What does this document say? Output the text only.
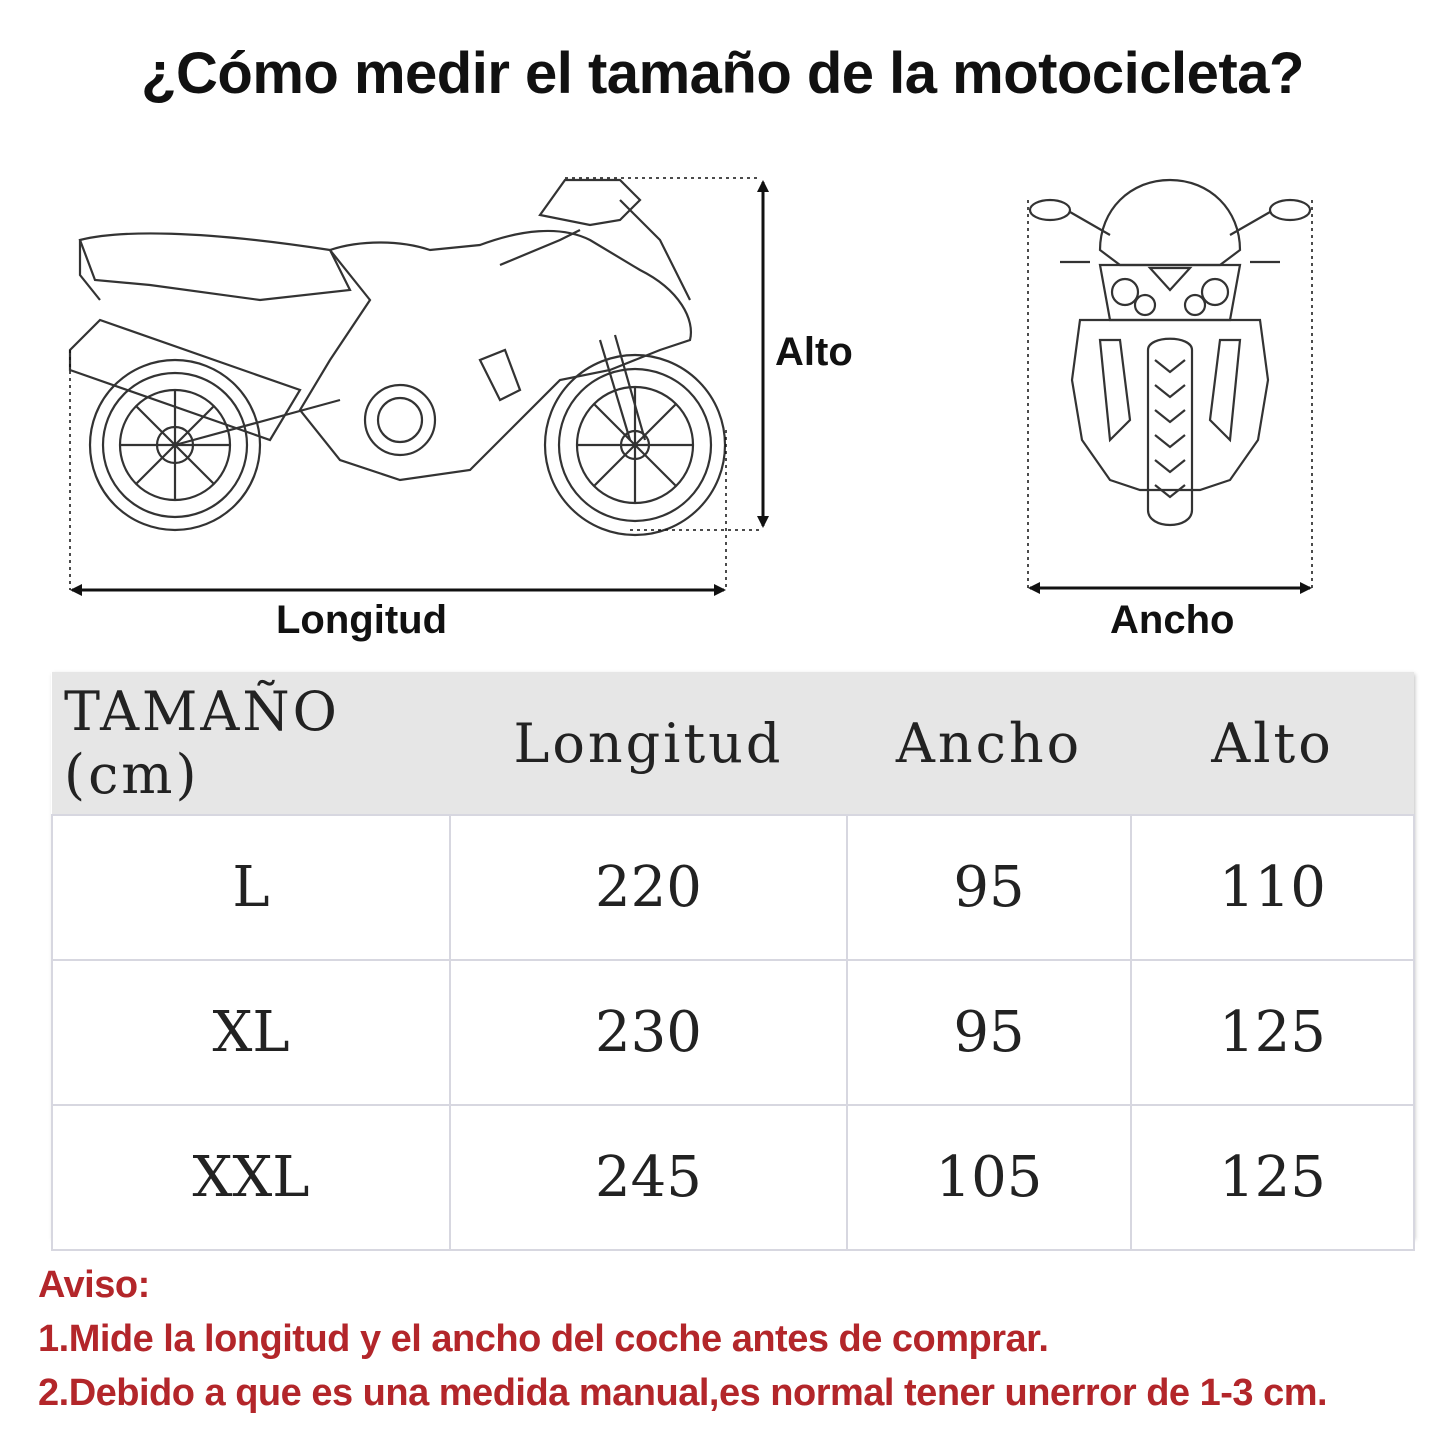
¿Cómo medir el tamaño de la motocicleta?
Alto
Longitud	Ancho
TAMAÑO (cm)	Longitud	Ancho	Alto
L	220	95	110
XL	230	95	125
XXL	245	105	125
Aviso:
1.Mide la longitud y el ancho del coche antes de comprar.
2.Debido a que es una medida manual,es normal tener unerror de 1-3 cm.
